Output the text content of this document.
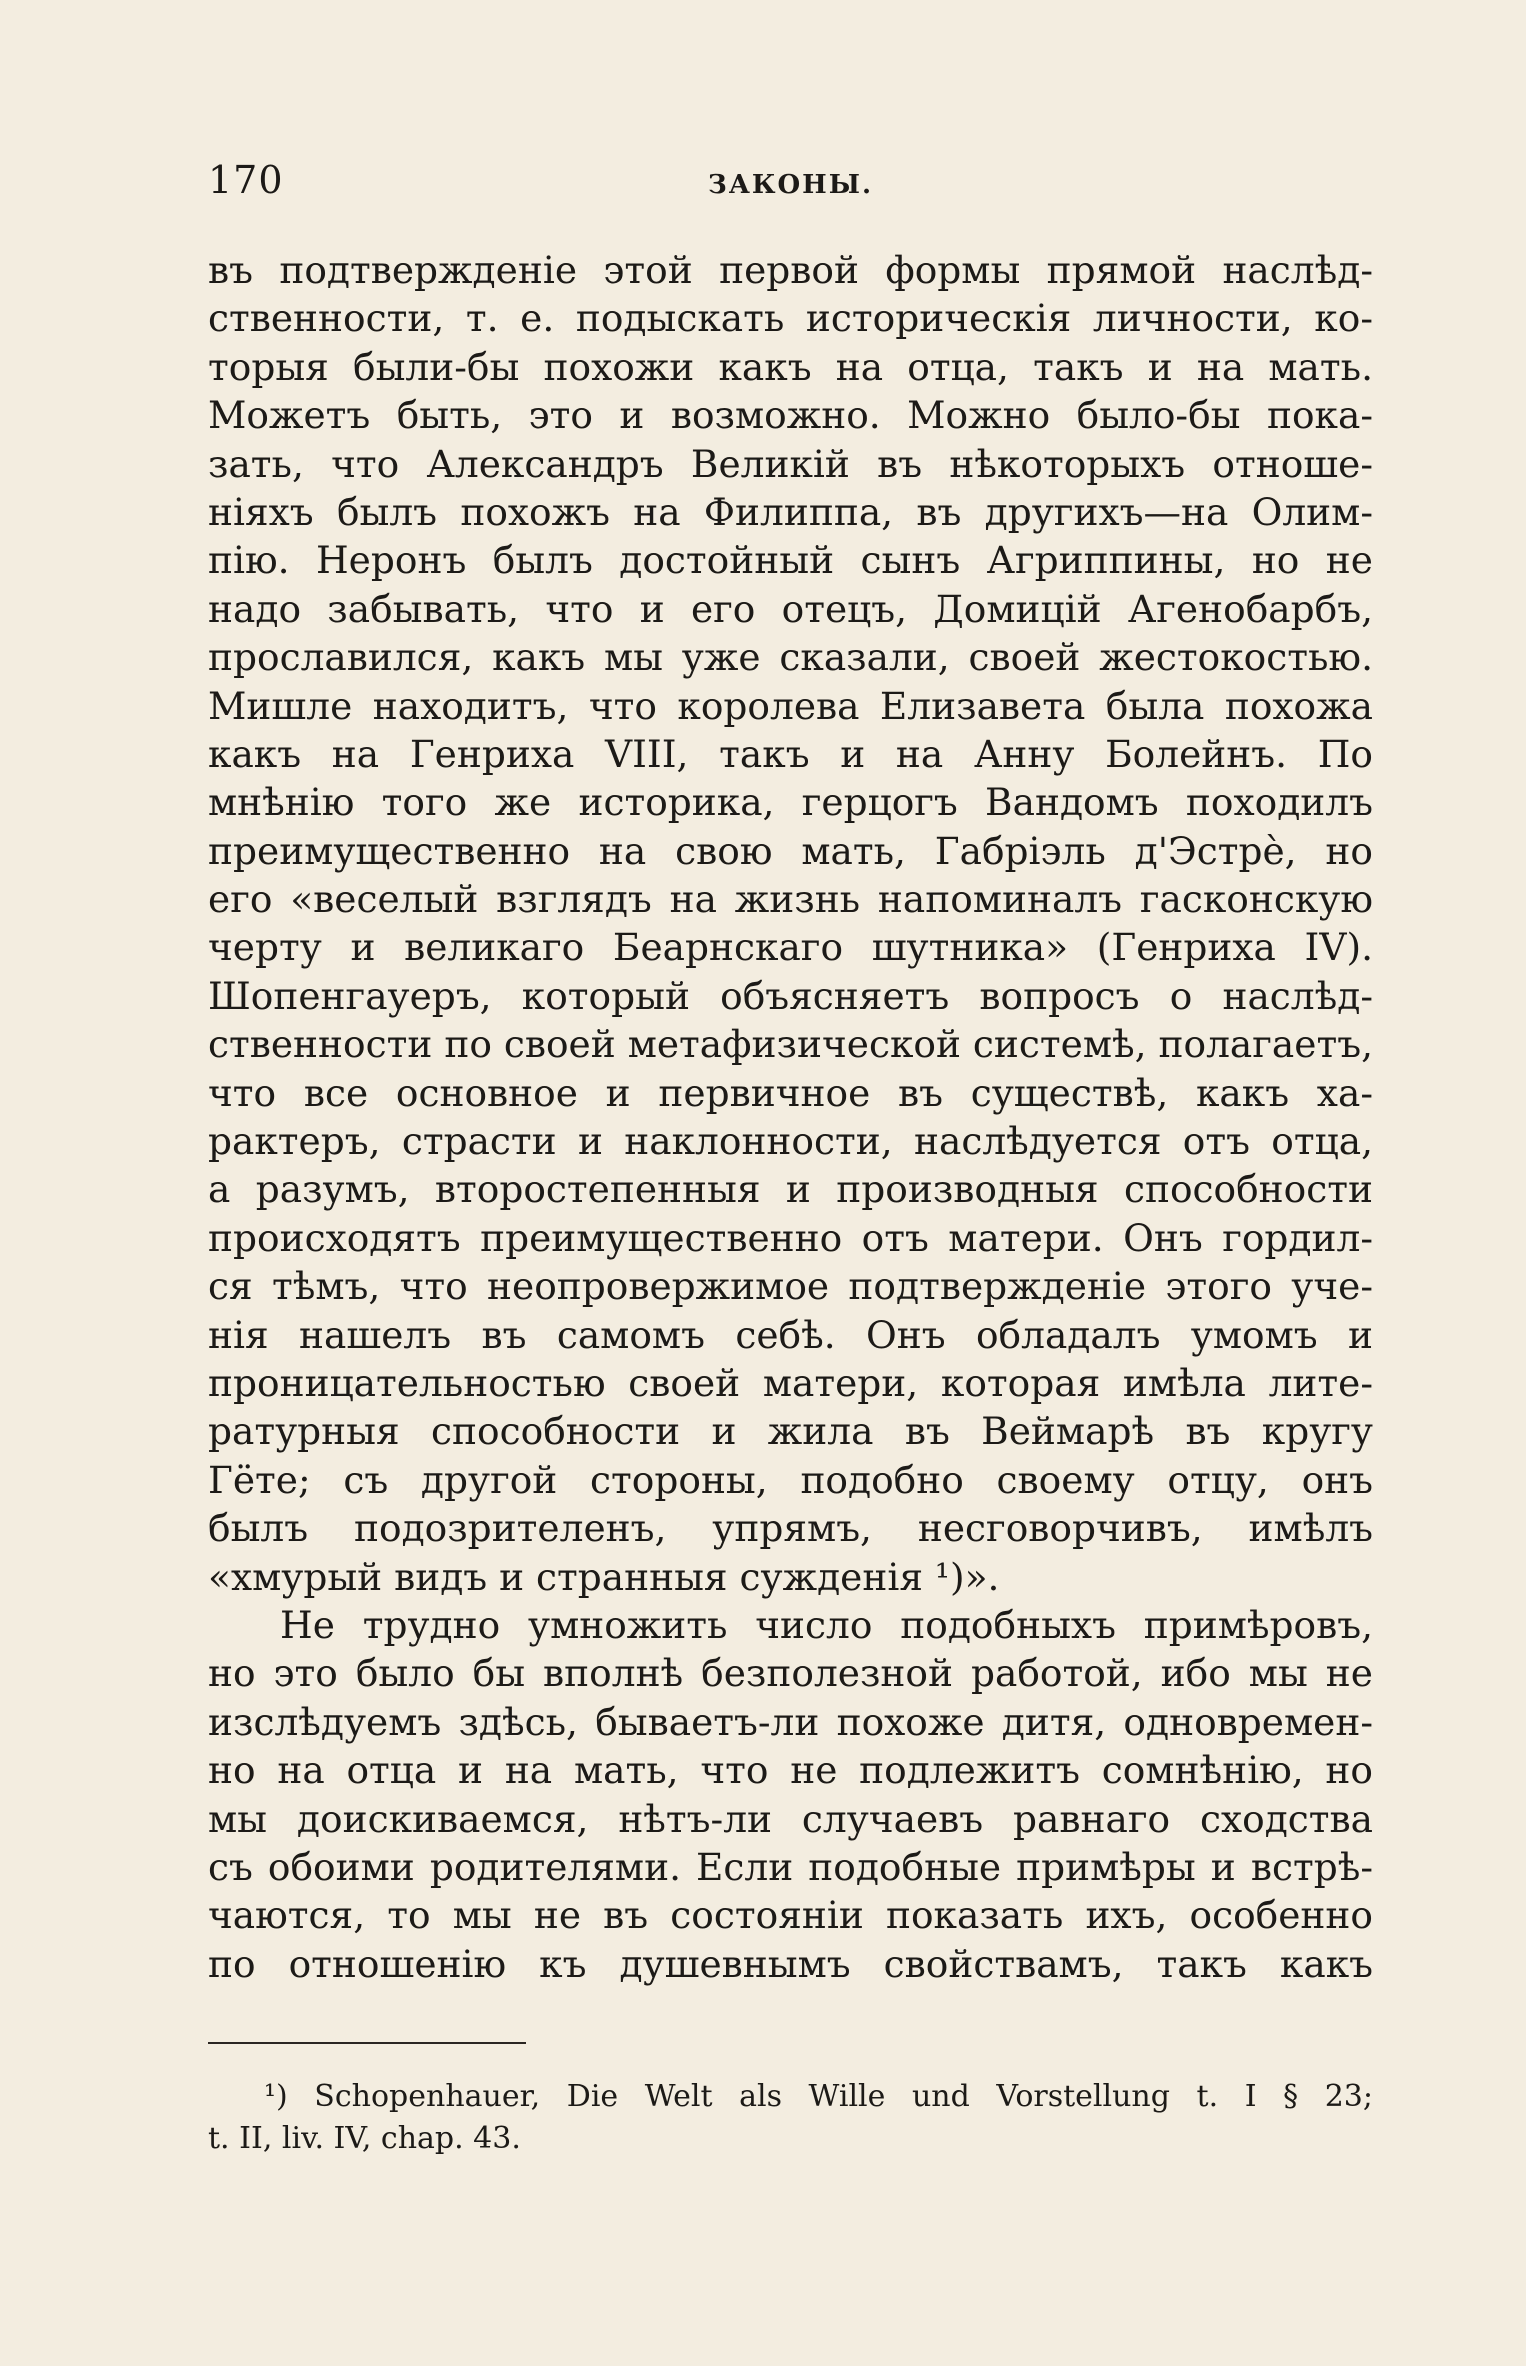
170	ЗАКОНЫ.
въ подтвержденіе этой первой формы прямой наслѣд-
ственности, т. е. подыскать историческія личности, ко-
торыя были-бы похожи какъ на отца, такъ и на мать.
Можетъ быть, это и возможно. Можно было-бы пока-
зать, что Александръ Великій въ нѣкоторыхъ отноше-
ніяхъ былъ похожъ на Филиппа, въ другихъ—на Олим-
пію. Неронъ былъ достойный сынъ Агриппины, но не
надо забывать, что и его отецъ, Домицій Агенобарбъ,
прославился, какъ мы уже сказали, своей жестокостью.
Мишле находитъ, что королева Елизавета была похожа
какъ на Генриха VIII, такъ и на Анну Болейнъ. По
мнѣнію того же историка, герцогъ Вандомъ походилъ
преимущественно на свою мать, Габріэль д'Эстрè, но
его «веселый взглядъ на жизнь напоминалъ гасконскую
черту и великаго Беарнскаго шутника» (Генриха IV).
Шопенгауеръ, который объясняетъ вопросъ о наслѣд-
ственности по своей метафизической системѣ, полагаетъ,
что все основное и первичное въ существѣ, какъ ха-
рактеръ, страсти и наклонности, наслѣдуется отъ отца,
а разумъ, второстепенныя и производныя способности
происходятъ преимущественно отъ матери. Онъ гордил-
ся тѣмъ, что неопровержимое подтвержденіе этого уче-
нія нашелъ въ самомъ себѣ. Онъ обладалъ умомъ и
проницательностью своей матери, которая имѣла лите-
ратурныя способности и жила въ Веймарѣ въ кругу
Гёте; съ другой стороны, подобно своему отцу, онъ
былъ подозрителенъ, упрямъ, несговорчивъ, имѣлъ
«хмурый видъ и странныя сужденія ¹)».
Не трудно умножить число подобныхъ примѣровъ,
но это было бы вполнѣ безполезной работой, ибо мы не
изслѣдуемъ здѣсь, бываетъ-ли похоже дитя, одновремен-
но на отца и на мать, что не подлежитъ сомнѣнію, но
мы доискиваемся, нѣтъ-ли случаевъ равнаго сходства
съ обоими родителями. Если подобные примѣры и встрѣ-
чаются, то мы не въ состояніи показать ихъ, особенно
по отношенію къ душевнымъ свойствамъ, такъ какъ
¹) Schopenhauer, Die Welt als Wille und Vorstellung t. I § 23;
t. II, liv. IV, chap. 43.
